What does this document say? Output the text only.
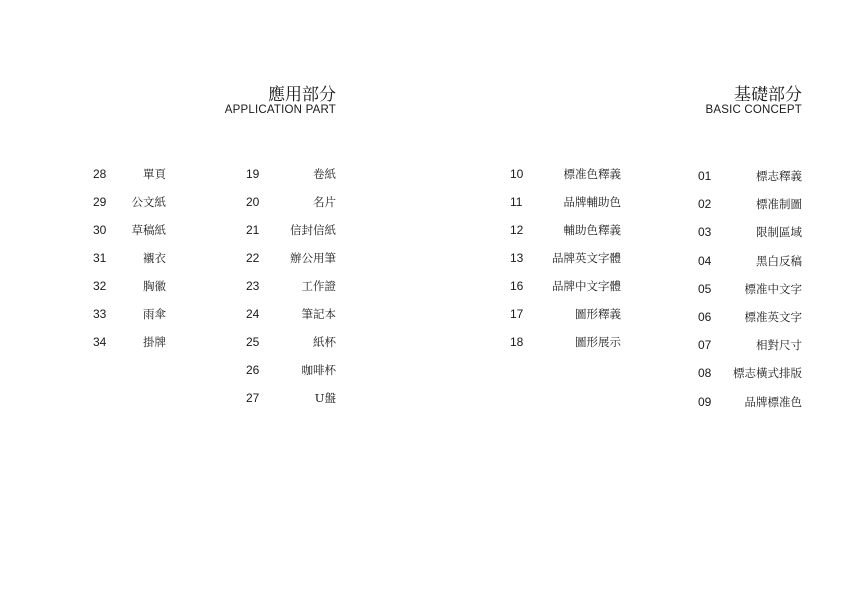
應用部分
APPLICATION PART
基礎部分
BASIC CONCEPT
28	單頁
29 公文紙
30 草稿紙
31	襯衣
32	胸徽
33	雨傘
34	掛牌
19	卷紙
20	名片
21	信封信紙
22	辦公用筆
23	工作證
24	筆記本
25	紙杯
26	咖啡杯
27	U盤
10	標准色釋義
11	品牌輔助色
12	輔助色釋義
13 品牌英文字體
16 品牌中文字體
17	圖形釋義
18	圖形展示
01	標志釋義
02	標准制圖
03	限制區域
04	黑白反稿
05	標准中文字
06	標准英文字
07	相對尺寸
08 標志橫式排版
09	品牌標准色
